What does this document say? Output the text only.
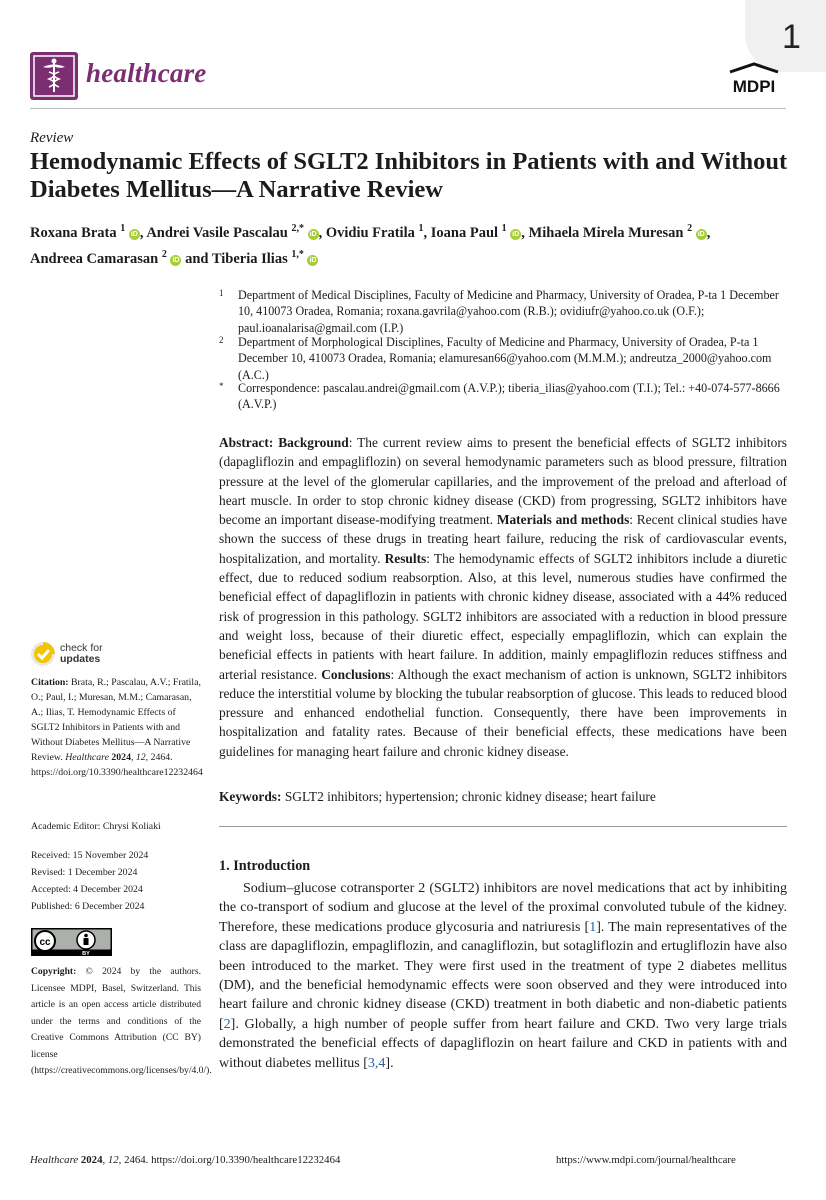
1
healthcare	MDPI
Review
Hemodynamic Effects of SGLT2 Inhibitors in Patients with and Without Diabetes Mellitus—A Narrative Review
Roxana Brata $^1$ iD , Andrei Vasile Pascalau $^{2,*}$ iD , Ovidiu Fratila $^1$, Ioana Paul $^1$ iD , Mihaela Mirela Muresan $^2$ iD ,
Andreea Camarasan $^2$ iD and Tiberia Ilias $^{1,*}$ iD
1 Department of Medical Disciplines, Faculty of Medicine and Pharmacy, University of Oradea, P-ta 1 December 10, 410073 Oradea, Romania; roxana.gavrila@yahoo.com (R.B.); ovidiufr@yahoo.co.uk (O.F.); paul.ioanalarisa@gmail.com (I.P.)
2 Department of Morphological Disciplines, Faculty of Medicine and Pharmacy, University of Oradea, P-ta 1 December 10, 410073 Oradea, Romania; elamuresan66@yahoo.com (M.M.M.); andreutza_2000@yahoo.com (A.C.)
* Correspondence: pascalau.andrei@gmail.com (A.V.P.); tiberia_ilias@yahoo.com (T.I.); Tel.: +40-074-577-8666 (A.V.P.)
Abstract: Background: The current review aims to present the beneficial effects of SGLT2 inhibitors (dapagliflozin and empagliflozin) on several hemodynamic parameters such as blood pressure, filtration pressure at the level of the glomerular capillaries, and the improvement of the preload and afterload of heart muscle. In order to stop chronic kidney disease (CKD) from progressing, SGLT2 inhibitors have become an important disease-modifying treatment. Materials and methods: Recent clinical studies have shown the success of these drugs in treating heart failure, reducing the risk of cardiovascular events, hospitalization, and mortality. Results: The hemodynamic effects of SGLT2 inhibitors include a diuretic effect, due to reduced sodium reabsorption. Also, at this level, numerous studies have confirmed the beneficial effect of dapagliflozin in patients with chronic kidney disease, associated with a 44% reduced risk of progression in this pathology. SGLT2 inhibitors are associated with a reduction in blood pressure and weight loss, because of their diuretic effect, especially empagliflozin, which can explain the beneficial effects in patients with heart failure. In addition, mainly empagliflozin reduces stiffness and arterial resistance. Conclusions: Although the exact mechanism of action is unknown, SGLT2 inhibitors reduce the interstitial volume by blocking the tubular reabsorption of glucose. This leads to reduced blood pressure and enhanced endothelial function. Consequently, there have been improvements in hospitalization and fatality rates. Because of their beneficial effects, these medications have been guidelines for managing heart failure and chronic kidney disease.
Keywords: SGLT2 inhibitors; hypertension; chronic kidney disease; heart failure
1. Introduction
Sodium–glucose cotransporter 2 (SGLT2) inhibitors are novel medications that act by inhibiting the co-transport of sodium and glucose at the level of the proximal convoluted tubule of the kidney. Therefore, these medications produce glycosuria and natriuresis [1]. The main representatives of the class are dapagliflozin, empagliflozin, and canagliflozin, but sotagliflozin and ertugliflozin have also been introduced to the market. They were first used in the treatment of type 2 diabetes mellitus (DM), and the beneficial hemodynamic effects were soon observed and they were introduced into heart failure and chronic kidney disease (CKD) treatment in both diabetic and non-diabetic patients [2]. Globally, a high number of people suffer from heart failure and CKD. Two very large trials demonstrated the beneficial effects of dapagliflozin on heart failure and CKD in patients with and without diabetes mellitus [3,4].
check for
updates
Citation: Brata, R.; Pascalau, A.V.; Fratila, O.; Paul, I.; Muresan, M.M.; Camarasan, A.; Ilias, T. Hemodynamic Effects of SGLT2 Inhibitors in Patients with and Without Diabetes Mellitus—A Narrative Review. Healthcare 2024, 12, 2464. https://doi.org/10.3390/healthcare12232464
Academic Editor: Chrysi Koliaki
Received: 15 November 2024
Revised: 1 December 2024
Accepted: 4 December 2024
Published: 6 December 2024
cc
BY
Copyright: © 2024 by the authors. Licensee MDPI, Basel, Switzerland. This article is an open access article distributed under the terms and conditions of the Creative Commons Attribution (CC BY) license (https://creativecommons.org/licenses/by/4.0/).
Healthcare 2024, 12, 2464. https://doi.org/10.3390/healthcare12232464	https://www.mdpi.com/journal/healthcare
